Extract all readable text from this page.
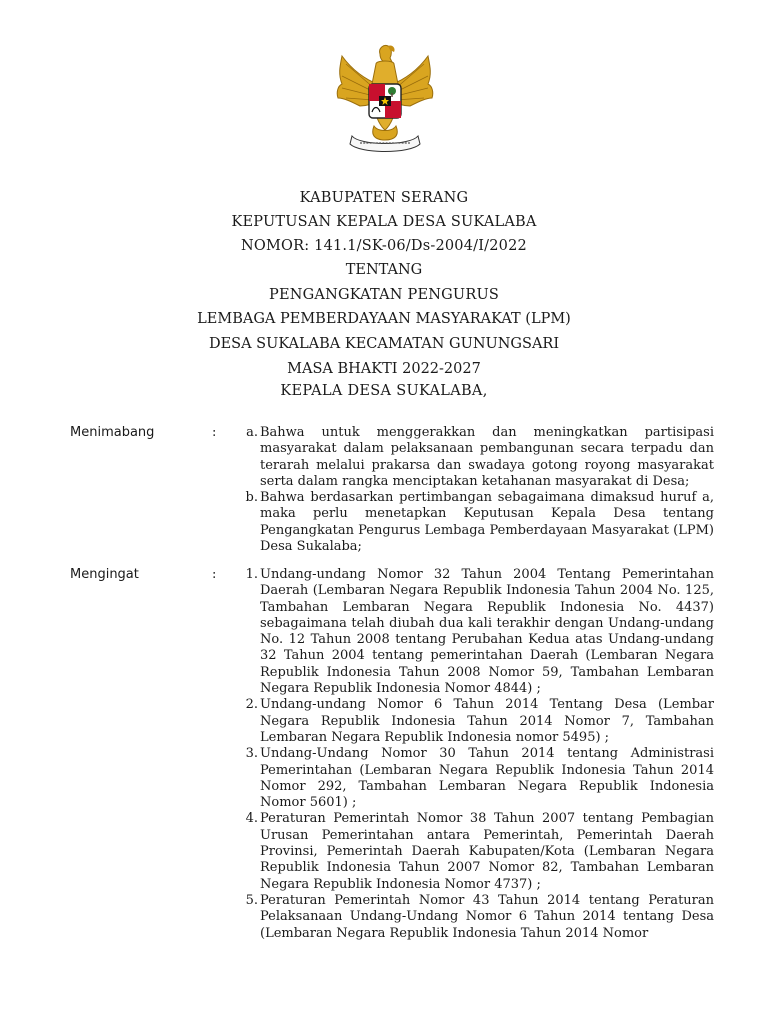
KABUPATEN SERANG
KEPUTUSAN KEPALA DESA SUKALABA
NOMOR: 141.1/SK-06/Ds-2004/I/2022
TENTANG
PENGANGKATAN PENGURUS
LEMBAGA PEMBERDAYAAN MASYARAKAT (LPM)
DESA SUKALABA KECAMATAN GUNUNGSARI
MASA BHAKTI 2022-2027
KEPALA DESA SUKALABA,
Menimabang	:	a. Bahwa untuk menggerakkan dan meningkatkan partisipasi masyarakat dalam pelaksanaan pembangunan secara terpadu dan terarah melalui prakarsa dan swadaya gotong royong masyarakat serta dalam rangka menciptakan ketahanan masyarakat di Desa;
b. Bahwa berdasarkan pertimbangan sebagaimana dimaksud huruf a, maka perlu menetapkan Keputusan Kepala Desa tentang Pengangkatan Pengurus Lembaga Pemberdayaan Masyarakat (LPM) Desa Sukalaba;
Mengingat	:	1. Undang-undang Nomor 32 Tahun 2004 Tentang Pemerintahan Daerah (Lembaran Negara Republik Indonesia Tahun 2004 No. 125, Tambahan Lembaran Negara Republik Indonesia No. 4437) sebagaimana telah diubah dua kali terakhir dengan Undang-undang No. 12 Tahun 2008 tentang Perubahan Kedua atas Undang-undang 32 Tahun 2004 tentang pemerintahan Daerah (Lembaran Negara Republik Indonesia Tahun 2008 Nomor 59, Tambahan Lembaran Negara Republik Indonesia Nomor 4844) ;
2. Undang-undang Nomor 6 Tahun 2014 Tentang Desa (Lembar Negara Republik Indonesia Tahun 2014 Nomor 7, Tambahan Lembaran Negara Republik Indonesia nomor 5495) ;
3. Undang-Undang Nomor 30 Tahun 2014 tentang Administrasi Pemerintahan (Lembaran Negara Republik Indonesia Tahun 2014 Nomor 292, Tambahan Lembaran Negara Republik Indonesia Nomor 5601) ;
4. Peraturan Pemerintah Nomor 38 Tahun 2007 tentang Pembagian Urusan Pemerintahan antara Pemerintah, Pemerintah Daerah Provinsi, Pemerintah Daerah Kabupaten/Kota (Lembaran Negara Republik Indonesia Tahun 2007 Nomor 82, Tambahan Lembaran Negara Republik Indonesia Nomor 4737) ;
5. Peraturan Pemerintah Nomor 43 Tahun 2014 tentang Peraturan Pelaksanaan Undang-Undang Nomor 6 Tahun 2014 tentang Desa (Lembaran Negara Republik Indonesia Tahun 2014 Nomor
